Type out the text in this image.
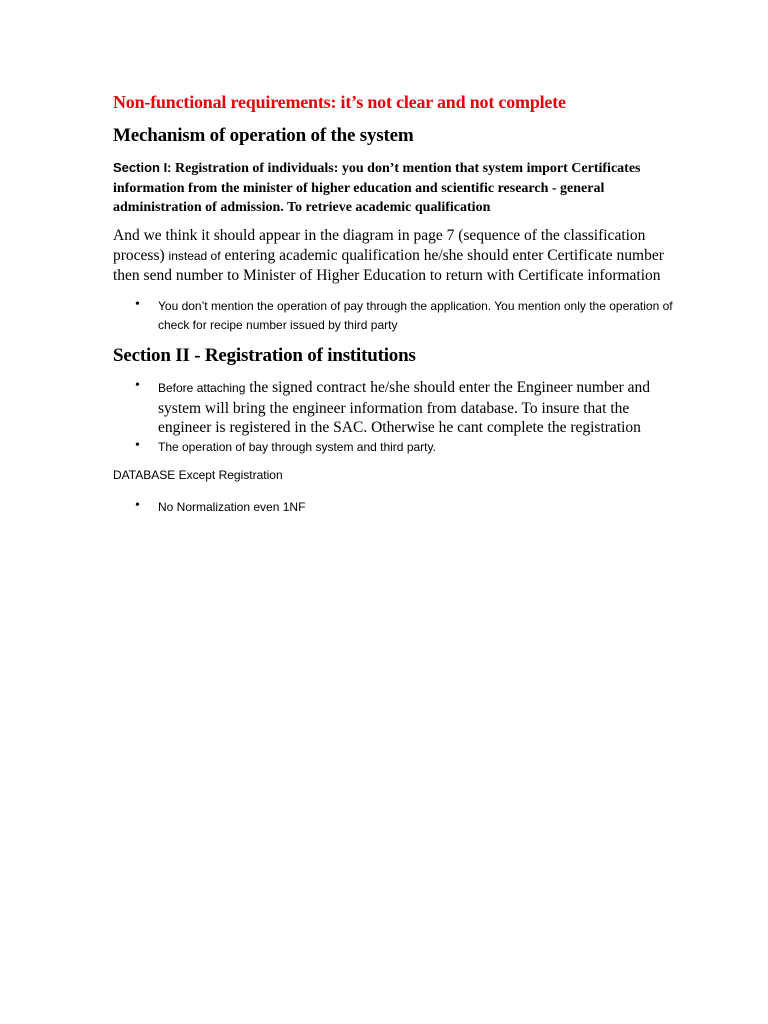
Non-functional requirements: it’s not clear and not complete
Mechanism of operation of the system
Section I: Registration of individuals: you don’t mention that system import Certificates information from the minister of higher education and scientific research - general administration of admission. To retrieve academic qualification
And we think it should appear in the diagram in page 7 (sequence of the classification process) instead of entering academic qualification he/she should enter Certificate number then send number to Minister of Higher Education to return with Certificate information
• You don’t mention the operation of pay through the application. You mention only the operation of check for recipe number issued by third party
Section II - Registration of institutions
• Before attaching the signed contract he/she should enter the Engineer number and system will bring the engineer information from database. To insure that the engineer is registered in the SAC. Otherwise he cant complete the registration
• The operation of bay through system and third party.
DATABASE Except Registration
• No Normalization even 1NF
